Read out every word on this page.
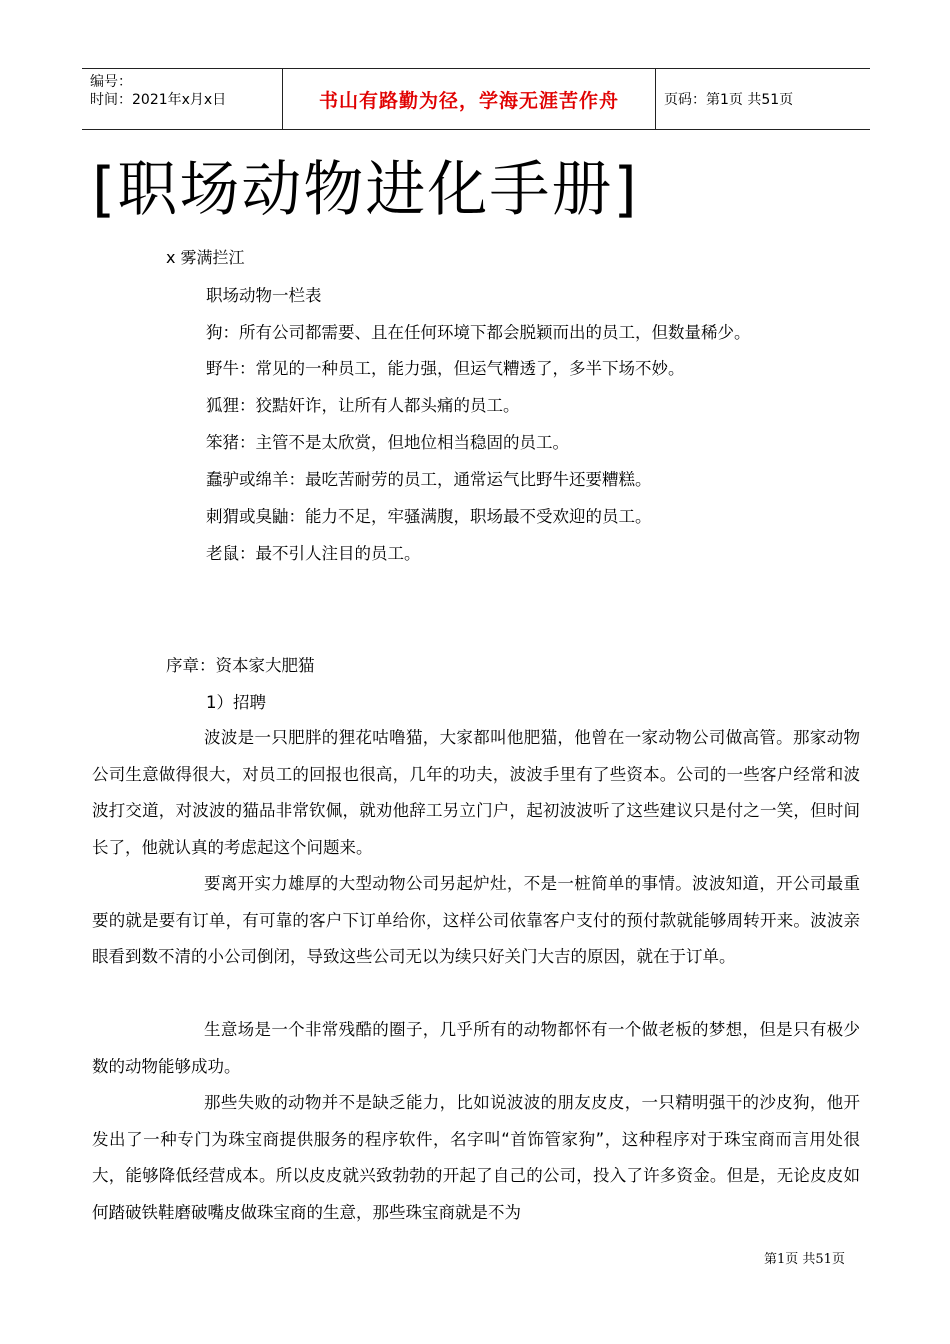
编号：
时间：2021年x月x日	书山有路勤为径，学海无涯苦作舟	页码：第1页 共51页
[职场动物进化手册]
x 雾满拦江
职场动物一栏表
狗：所有公司都需要、且在任何环境下都会脱颖而出的员工，但数量稀少。
野牛：常见的一种员工，能力强，但运气糟透了，多半下场不妙。
狐狸：狡黠奸诈，让所有人都头痛的员工。
笨猪：主管不是太欣赏，但地位相当稳固的员工。
蠢驴或绵羊：最吃苦耐劳的员工，通常运气比野牛还要糟糕。
刺猬或臭鼬：能力不足，牢骚满腹，职场最不受欢迎的员工。
老鼠：最不引人注目的员工。
序章：资本家大肥猫
1）招聘
波波是一只肥胖的狸花咕噜猫，大家都叫他肥猫，他曾在一家动物公司做高管。那家动物公司生意做得很大，对员工的回报也很高，几年的功夫，波波手里有了些资本。公司的一些客户经常和波波打交道，对波波的猫品非常钦佩，就劝他辞工另立门户，起初波波听了这些建议只是付之一笑，但时间长了，他就认真的考虑起这个问题来。
要离开实力雄厚的大型动物公司另起炉灶，不是一桩简单的事情。波波知道，开公司最重要的就是要有订单，有可靠的客户下订单给你，这样公司依靠客户支付的预付款就能够周转开来。波波亲眼看到数不清的小公司倒闭，导致这些公司无以为续只好关门大吉的原因，就在于订单。
生意场是一个非常残酷的圈子，几乎所有的动物都怀有一个做老板的梦想，但是只有极少数的动物能够成功。
那些失败的动物并不是缺乏能力，比如说波波的朋友皮皮，一只精明强干的沙皮狗，他开发出了一种专门为珠宝商提供服务的程序软件，名字叫“首饰管家狗”，这种程序对于珠宝商而言用处很大，能够降低经营成本。所以皮皮就兴致勃勃的开起了自己的公司，投入了许多资金。但是，无论皮皮如何踏破铁鞋磨破嘴皮做珠宝商的生意，那些珠宝商就是不为
第1页 共51页
